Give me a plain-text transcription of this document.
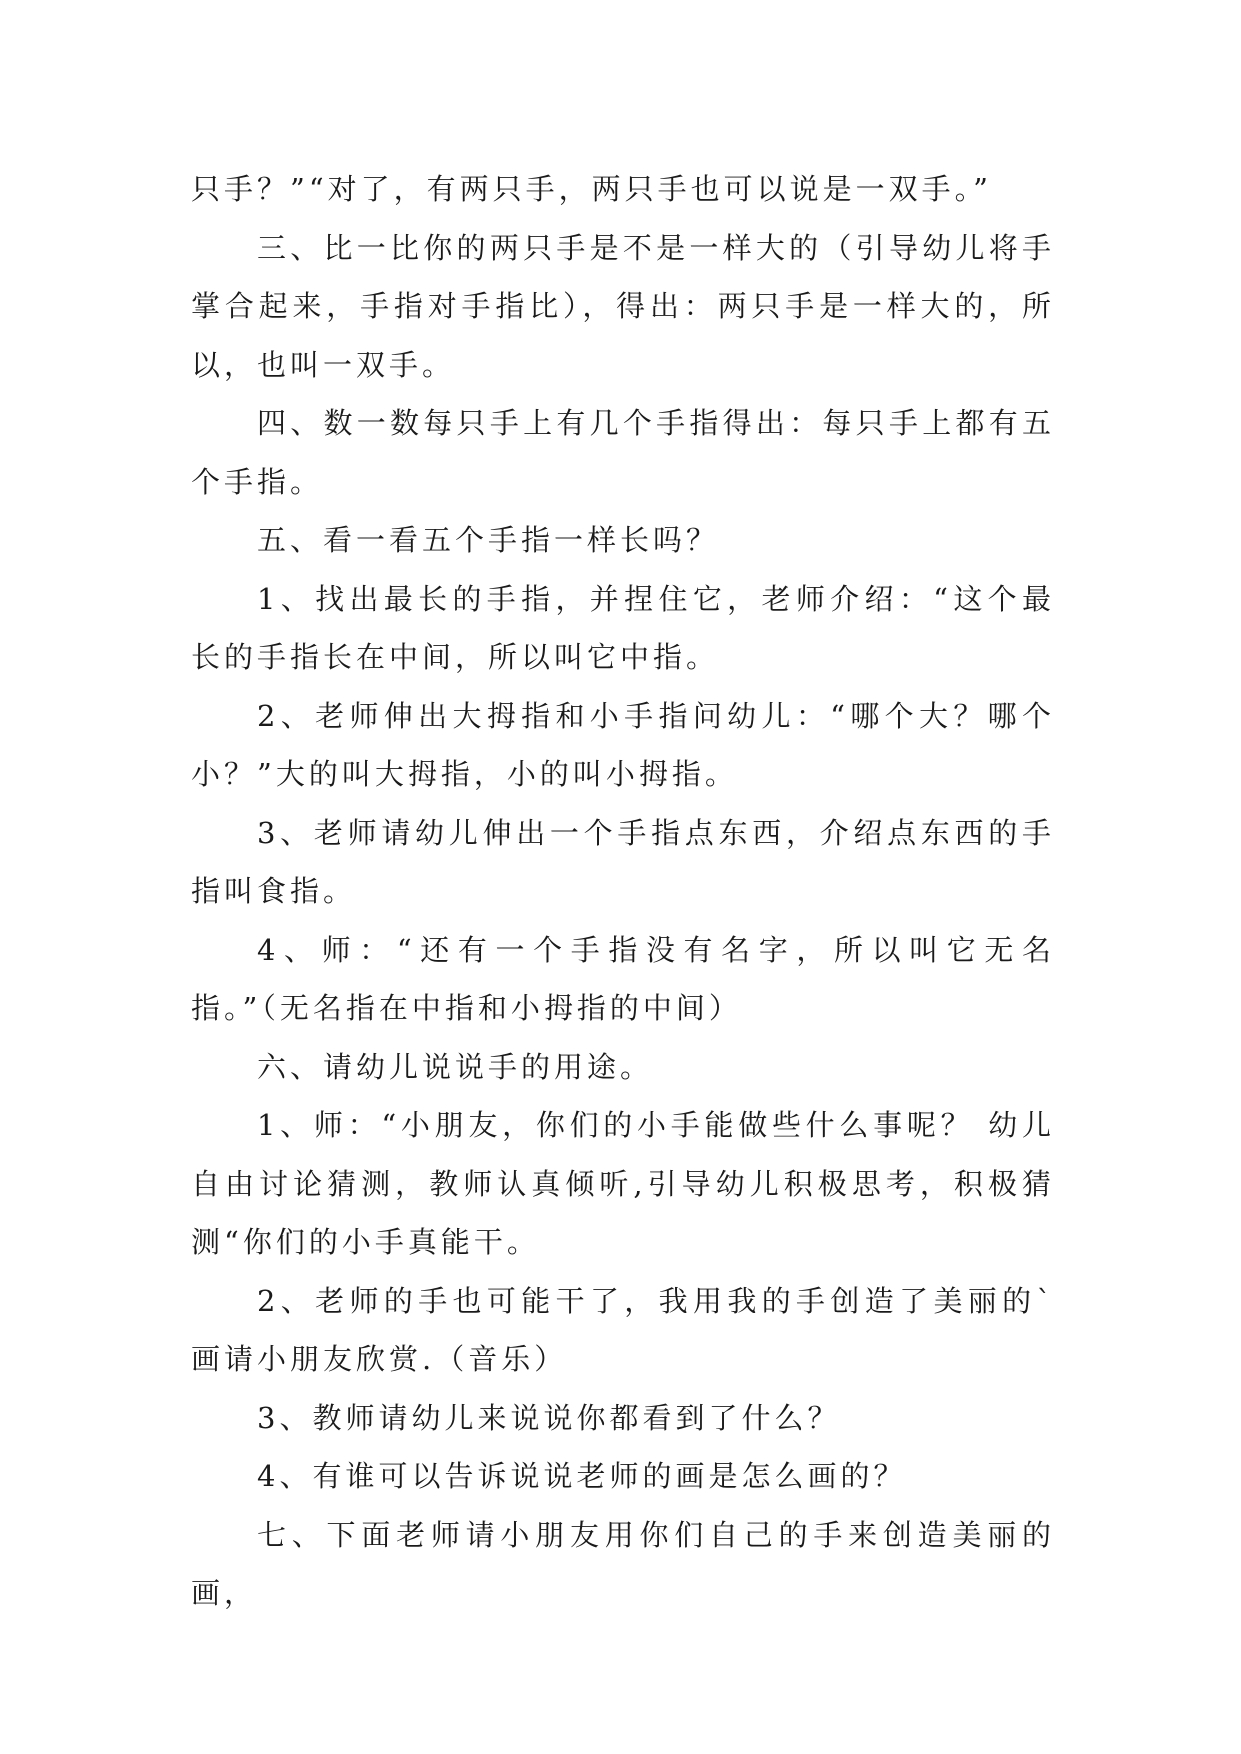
只手？”“对了，有两只手，两只手也可以说是一双手。”

三、比一比你的两只手是不是一样大的（引导幼儿将手掌合起来，手指对手指比），得出：两只手是一样大的，所以，也叫一双手。

四、数一数每只手上有几个手指得出：每只手上都有五个手指。

五、看一看五个手指一样长吗？

1、找出最长的手指，并捏住它，老师介绍：“这个最长的手指长在中间，所以叫它中指。

2、老师伸出大拇指和小手指问幼儿：“哪个大？哪个小？”大的叫大拇指，小的叫小拇指。

3、老师请幼儿伸出一个手指点东西，介绍点东西的手指叫食指。

4、师：“还有一个手指没有名字，所以叫它无名指。”（无名指在中指和小拇指的中间）

六、请幼儿说说手的用途。

1、师：“小朋友，你们的小手能做些什么事呢？ 幼儿自由讨论猜测，教师认真倾听,引导幼儿积极思考，积极猜测“你们的小手真能干。

2、老师的手也可能干了，我用我的手创造了美丽的`画请小朋友欣赏.（音乐）

3、教师请幼儿来说说你都看到了什么？

4、有谁可以告诉说说老师的画是怎么画的？

七、下面老师请小朋友用你们自己的手来创造美丽的画，
